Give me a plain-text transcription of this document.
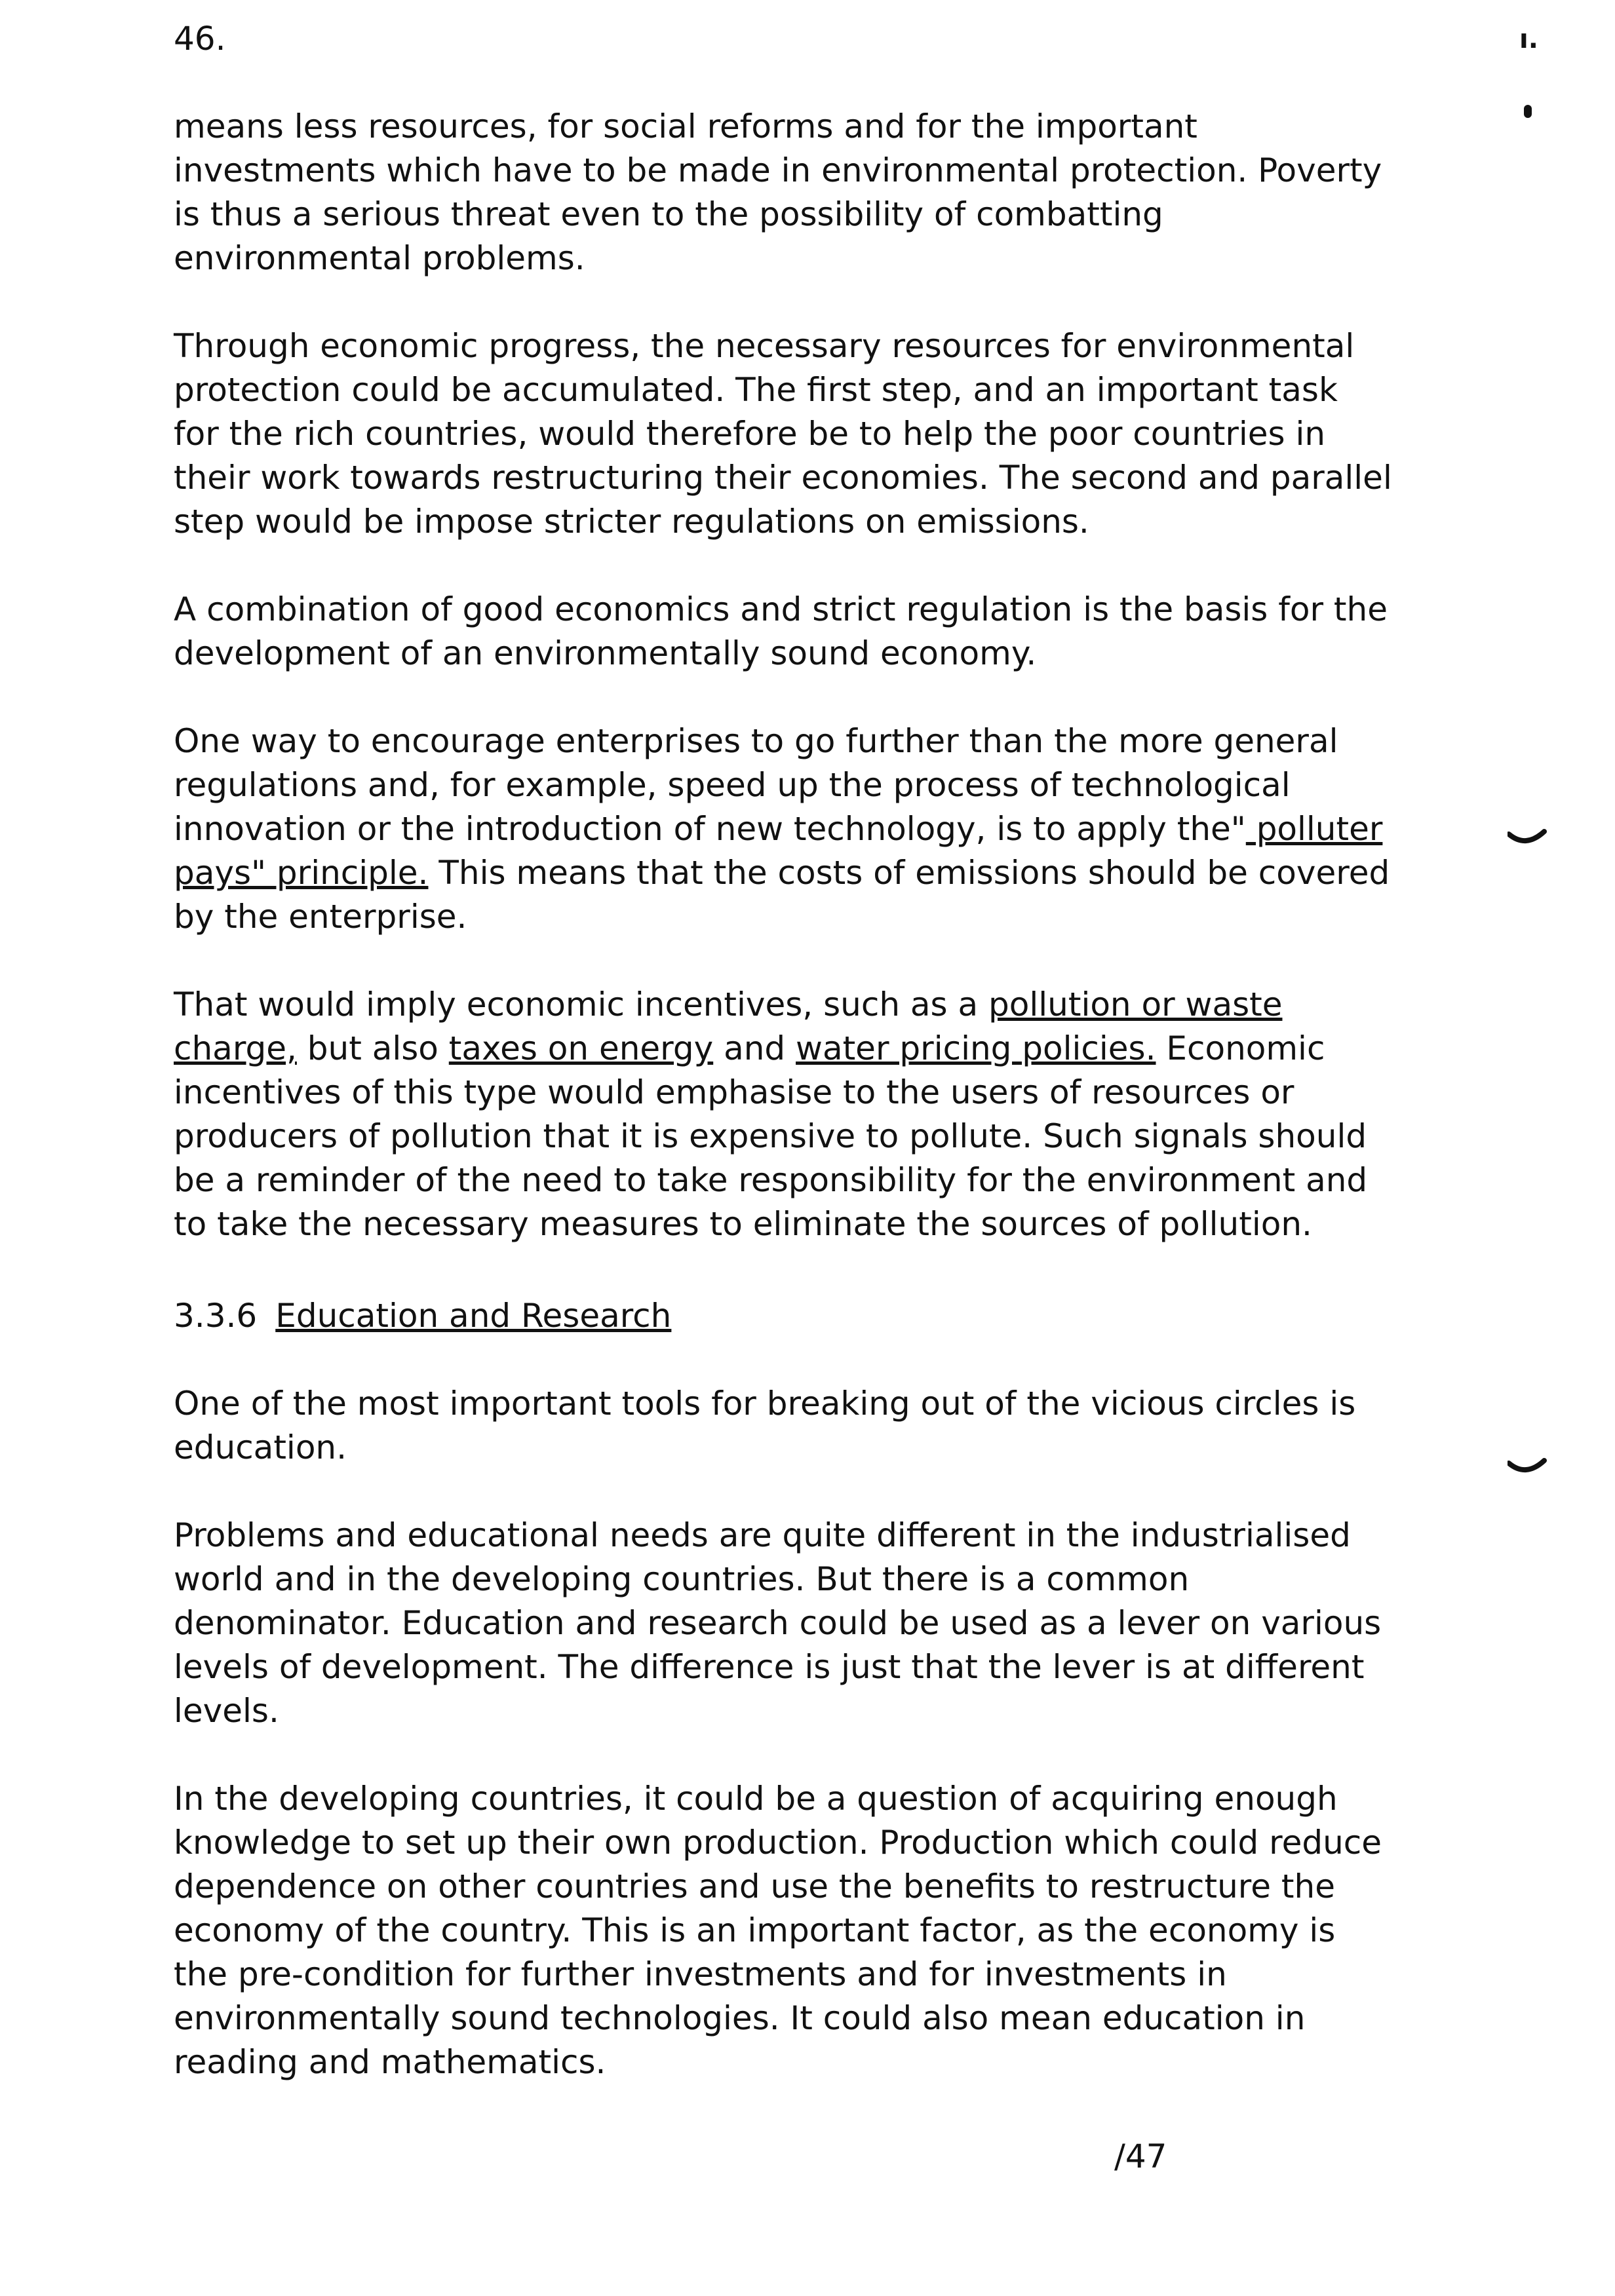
46.	ı.

means less resources, for social reforms and for the important investments which have to be made in environmental protection. Poverty is thus a serious threat even to the possibility of combatting environmental problems.

Through economic progress, the necessary resources for environmental protection could be accumulated. The first step, and an important task for the rich countries, would therefore be to help the poor countries in their work towards restructuring their economies. The second and parallel step would be impose stricter regulations on emissions.

A combination of good economics and strict regulation is the basis for the development of an environmentally sound economy.

One way to encourage enterprises to go further than the more general regulations and, for example, speed up the process of technological innovation or the introduction of new technology, is to apply the" polluter pays" principle. This means that the costs of emissions should be covered by the enterprise.

That would imply economic incentives, such as a pollution or waste charge, but also taxes on energy and water pricing policies. Economic incentives of this type would emphasise to the users of resources or producers of pollution that it is expensive to pollute. Such signals should be a reminder of the need to take responsibility for the environment and to take the necessary measures to eliminate the sources of pollution.

3.3.6 Education and Research

One of the most important tools for breaking out of the vicious circles is education.

Problems and educational needs are quite different in the industrialised world and in the developing countries. But there is a common denominator. Education and research could be used as a lever on various levels of development. The difference is just that the lever is at different levels.

In the developing countries, it could be a question of acquiring enough knowledge to set up their own production. Production which could reduce dependence on other countries and use the benefits to restructure the economy of the country. This is an important factor, as the economy is the pre-condition for further investments and for investments in environmentally sound technologies. It could also mean education in reading and mathematics.

/47
